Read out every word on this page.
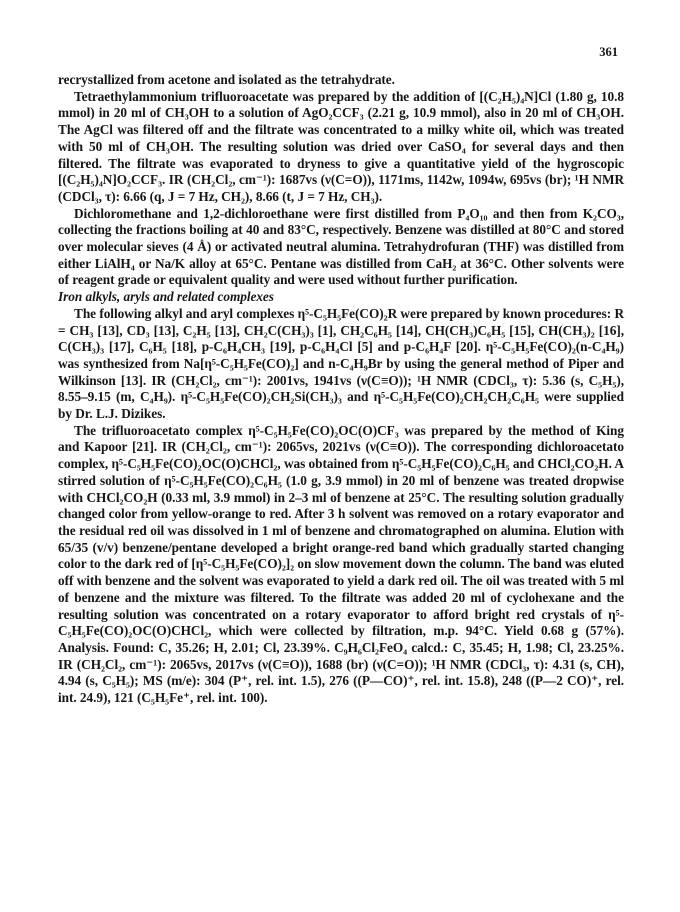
361

recrystallized from acetone and isolated as the tetrahydrate.

Tetraethylammonium trifluoroacetate was prepared by the addition of [(C₂H₅)₄N]Cl (1.80 g, 10.8 mmol) in 20 ml of CH₃OH to a solution of AgO₂CCF₃ (2.21 g, 10.9 mmol), also in 20 ml of CH₃OH. The AgCl was filtered off and the filtrate was concentrated to a milky white oil, which was treated with 50 ml of CH₃OH. The resulting solution was dried over CaSO₄ for several days and then filtered. The filtrate was evaporated to dryness to give a quantitative yield of the hygroscopic [(C₂H₅)₄N]O₂CCF₃. IR (CH₂Cl₂, cm⁻¹): 1687vs (ν(C=O)), 1171ms, 1142w, 1094w, 695vs (br); ¹H NMR (CDCl₃, τ): 6.66 (q, J = 7 Hz, CH₂), 8.66 (t, J = 7 Hz, CH₃).

Dichloromethane and 1,2-dichloroethane were first distilled from P₄O₁₀ and then from K₂CO₃, collecting the fractions boiling at 40 and 83°C, respectively. Benzene was distilled at 80°C and stored over molecular sieves (4 Å) or activated neutral alumina. Tetrahydrofuran (THF) was distilled from either LiAlH₄ or Na/K alloy at 65°C. Pentane was distilled from CaH₂ at 36°C. Other solvents were of reagent grade or equivalent quality and were used without further purification.

Iron alkyls, aryls and related complexes

The following alkyl and aryl complexes η⁵-C₅H₅Fe(CO)₂R were prepared by known procedures: R = CH₃ [13], CD₃ [13], C₂H₅ [13], CH₂C(CH₃)₃ [1], CH₂C₆H₅ [14], CH(CH₃)C₆H₅ [15], CH(CH₃)₂ [16], C(CH₃)₃ [17], C₆H₅ [18], p-C₆H₄CH₃ [19], p-C₆H₄Cl [5] and p-C₆H₄F [20]. η⁵-C₅H₅Fe(CO)₂(n-C₄H₉) was synthesized from Na[η⁵-C₅H₅Fe(CO)₂] and n-C₄H₉Br by using the general method of Piper and Wilkinson [13]. IR (CH₂Cl₂, cm⁻¹): 2001vs, 1941vs (ν(C≡O)); ¹H NMR (CDCl₃, τ): 5.36 (s, C₅H₅), 8.55–9.15 (m, C₄H₉). η⁵-C₅H₅Fe(CO)₂CH₂Si(CH₃)₃ and η⁵-C₅H₅Fe(CO)₂CH₂CH₂C₆H₅ were supplied by Dr. L.J. Dizikes.

The trifluoroacetato complex η⁵-C₅H₅Fe(CO)₂OC(O)CF₃ was prepared by the method of King and Kapoor [21]. IR (CH₂Cl₂, cm⁻¹): 2065vs, 2021vs (ν(C≡O)). The corresponding dichloroacetato complex, η⁵-C₅H₅Fe(CO)₂OC(O)CHCl₂, was obtained from η⁵-C₅H₅Fe(CO)₂C₆H₅ and CHCl₂CO₂H. A stirred solution of η⁵-C₅H₅Fe(CO)₂C₆H₅ (1.0 g, 3.9 mmol) in 20 ml of benzene was treated dropwise with CHCl₂CO₂H (0.33 ml, 3.9 mmol) in 2–3 ml of benzene at 25°C. The resulting solution gradually changed color from yellow-orange to red. After 3 h solvent was removed on a rotary evaporator and the residual red oil was dissolved in 1 ml of benzene and chromatographed on alumina. Elution with 65/35 (v/v) benzene/pentane developed a bright orange-red band which gradually started changing color to the dark red of [η⁵-C₅H₅Fe(CO)₂]₂ on slow movement down the column. The band was eluted off with benzene and the solvent was evaporated to yield a dark red oil. The oil was treated with 5 ml of benzene and the mixture was filtered. To the filtrate was added 20 ml of cyclohexane and the resulting solution was concentrated on a rotary evaporator to afford bright red crystals of η⁵-C₅H₅Fe(CO)₂OC(O)CHCl₂, which were collected by filtration, m.p. 94°C. Yield 0.68 g (57%). Analysis. Found: C, 35.26; H, 2.01; Cl, 23.39%. C₉H₆Cl₂FeO₄ calcd.: C, 35.45; H, 1.98; Cl, 23.25%. IR (CH₂Cl₂, cm⁻¹): 2065vs, 2017vs (ν(C≡O)), 1688 (br) (ν(C=O)); ¹H NMR (CDCl₃, τ): 4.31 (s, CH), 4.94 (s, C₅H₅); MS (m/e): 304 (P⁺, rel. int. 1.5), 276 ((P—CO)⁺, rel. int. 15.8), 248 ((P—2 CO)⁺, rel. int. 24.9), 121 (C₅H₅Fe⁺, rel. int. 100).
